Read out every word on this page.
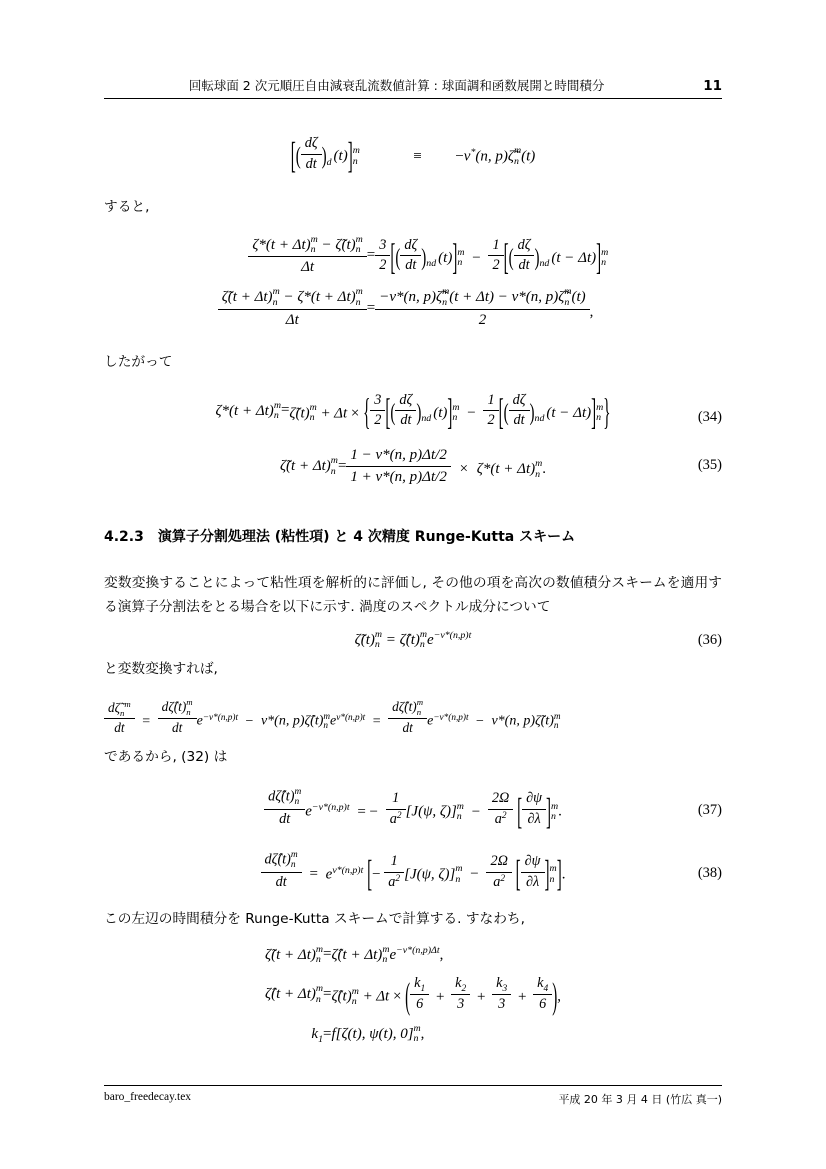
回転球面 2 次元順圧自由減衰乱流数値計算 : 球面調和函数展開と時間積分	11
[( $\frac{d\zeta}{dt} )d$ (t)] m
n	≡ −ν*(n, p)ζ̃ m
n (t)
すると,
ζ*(t + Δt) m
n − ζ̃(t) m
n
Δt	=	$\frac{3}{2}$ [( $\frac{d\zeta}{dt} )nd$ (t)] m
$n - \frac{1}{2}$ [( $\frac{d\zeta}{dt} )nd$ (t − Δt)] m
n

ζ̃(t + Δt) m
n − ζ*(t + Δt) m
n
Δt	=	−ν*(n, p)ζ̃ m
n (t + Δt) − ν*(n, p)ζ̃ m
n (t)
2 ,
したがって
ζ*(t + Δt) m
n	=	ζ̃(t) m
n + Δt × { $\frac{3}{2}$ [( $\frac{d\zeta}{dt} )nd$ (t)] m
$n - \frac{1}{2}$ [( $\frac{d\zeta}{dt} )nd$ (t − Δt)] m
n }	(34)
ζ̃(t + Δt) m
n	=	$\frac{1 - \nu*(n, p)\Delta t/2}{1 + \nu*(n, p)\Delta t/2} \times \zeta*(t + \Delta t)$ m
n .	(35)
4.2.3 演算子分割処理法 (粘性項) と 4 次精度 Runge-Kutta スキーム
変数変換することによって粘性項を解析的に評価し, その他の項を高次の数値積分スキームを適用する演算子分割法をとる場合を以下に示す. 渦度のスペクトル成分について
ζ̃(t) m
n = ζ̂(t) m
n e−ν*(n,p)t	(36)
と変数変換すれば,
$\frac{d\zetãnm}{dt}$ = dζ̂(t) m
n
dt e−ν*(n,p)t − ν*(n, p)ζ̂(t) m
n eν*(n,p)t = dζ̂(t) m
n
dt e−ν*(n,p)t − ν*(n, p)ζ̃(t) m
n
であるから, (32) は
dζ̂(t) m
n
dt e−ν*(n,p)t = − $\frac{1}{a2} [J(\psi$, ζ)] m
$n - \frac{2\Omega}{a2}$ [ $\frac{\partial\psi}{\partial\lambda}$ ] m
n .	(37)
dζ̂(t) m
n
dt = eν*(n,p)t [− $\frac{1}{a2} [J(\psi$, ζ)] m
$n - \frac{2\Omega}{a2}$ [ $\frac{\partial\psi}{\partial\lambda}$ ] m
n ].	(38)
この左辺の時間積分を Runge-Kutta スキームで計算する. すなわち,
ζ̃(t + Δt) m
n	=	ζ̂(t + Δt) m
n e−ν*(n,p)Δt,
ζ̂(t + Δt) m
n	=	ζ̂(t) m
n + Δt × ( $\frac{k1}{6} + \frac{k2}{3} + \frac{k3}{3} + \frac{k4}{6}$ ),
k1	=	f[ζ(t), ψ(t), 0] m
n ,
baro_freedecay.tex	平成 20 年 3 月 4 日 (竹広 真一)
